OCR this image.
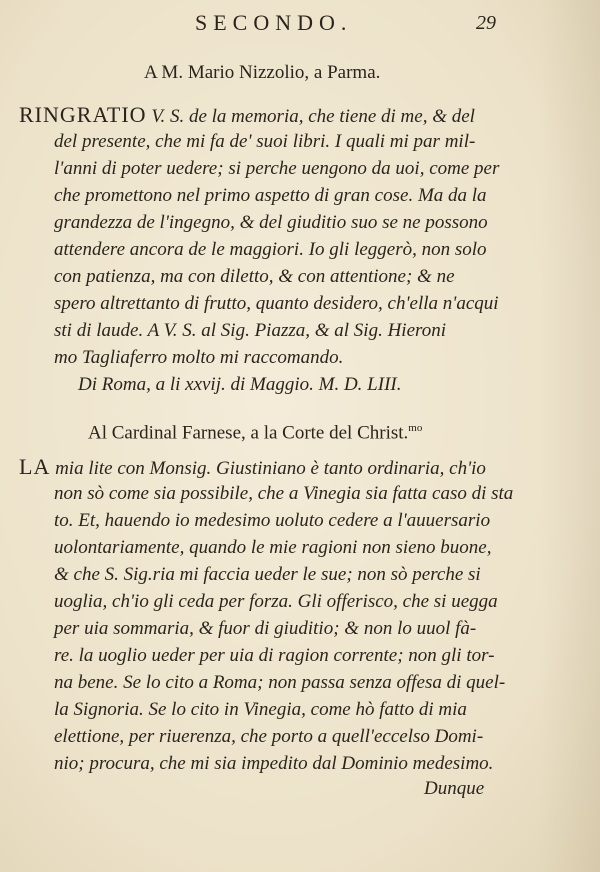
SECONDO.	29
A M. Mario Nizzolio, a Parma.
RINGRATIO V. S. de la memoria, che tiene di me, & del
del presente, che mi fa de' suoi libri. I quali mi par mil-
l'anni di poter uedere; si perche uengono da uoi, come per
che promettono nel primo aspetto di gran cose. Ma da la
grandezza de l'ingegno, & del giuditio suo se ne possono
attendere ancora de le maggiori. Io gli leggerò, non solo
con patienza, ma con diletto, & con attentione; & ne
spero altrettanto di frutto, quanto desidero, ch'ella n'acqui
sti di laude. A V. S. al Sig. Piazza, & al Sig. Hieroni
mo Tagliaferro molto mi raccomando.
Di Roma, a li xxvij. di Maggio. M. D. LIII.
Al Cardinal Farnese, a la Corte del Christ.$^{mo}$
LA mia lite con Monsig. Giustiniano è tanto ordinaria, ch'io
non sò come sia possibile, che a Vinegia sia fatta caso di sta
to. Et, hauendo io medesimo uoluto cedere a l'auuersario
uolontariamente, quando le mie ragioni non sieno buone,
& che S. Sig.ria mi faccia ueder le sue; non sò perche si
uoglia, ch'io gli ceda per forza. Gli offerisco, che si uegga
per uia sommaria, & fuor di giuditio; & non lo uuol fà-
re. la uoglio ueder per uia di ragion corrente; non gli tor-
na bene. Se lo cito a Roma; non passa senza offesa di quel-
la Signoria. Se lo cito in Vinegia, come hò fatto di mia
elettione, per riuerenza, che porto a quell'eccelso Domi-
nio; procura, che mi sia impedito dal Dominio medesimo.
Dunque
